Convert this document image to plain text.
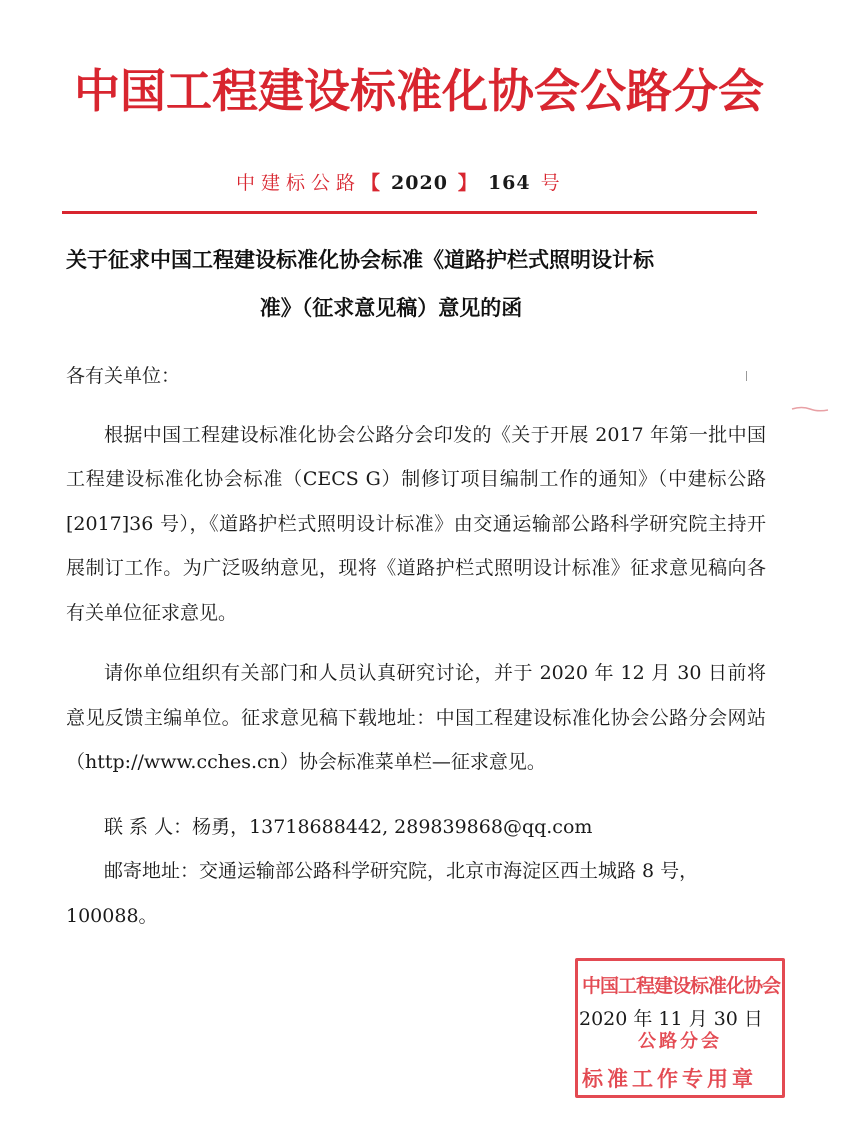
中国工程建设标准化协会公路分会
中建标公路【 2020 】 164 号
关于征求中国工程建设标准化协会标准《道路护栏式照明设计标
准》（征求意见稿）意见的函

各有关单位：

根据中国工程建设标准化协会公路分会印发的《关于开展 2017 年第一批中国工程建设标准化协会标准（CECS G）制修订项目编制工作的通知》（中建标公路[2017]36 号），《道路护栏式照明设计标准》由交通运输部公路科学研究院主持开展制订工作。为广泛吸纳意见，现将《道路护栏式照明设计标准》征求意见稿向各有关单位征求意见。

请你单位组织有关部门和人员认真研究讨论，并于 2020 年 12 月 30 日前将意见反馈主编单位。征求意见稿下载地址：中国工程建设标准化协会公路分会网站（http://www.cches.cn）协会标准菜单栏—征求意见。

联 系 人：杨勇，13718688442, 289839868@qq.com

邮寄地址：交通运输部公路科学研究院，北京市海淀区西土城路 8 号，100088。

中国工程建设标准化协会
公路分会
标准工作专用章
2020 年 11 月 30 日
